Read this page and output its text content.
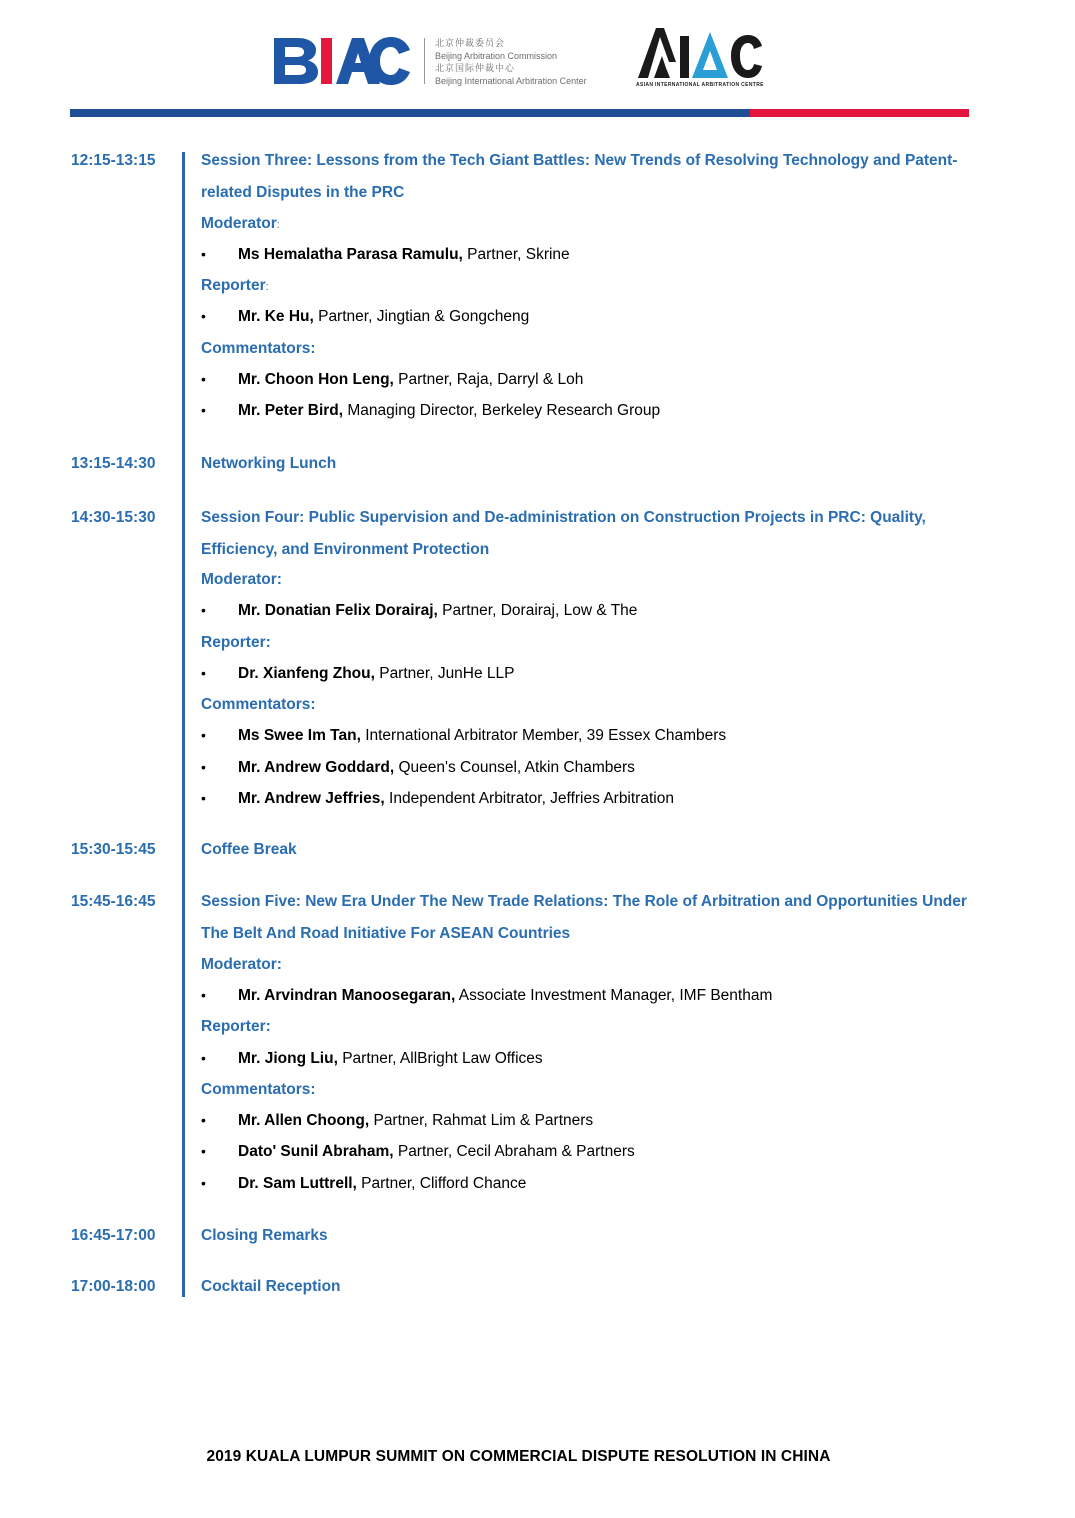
北京仲裁委员会
Beijing Arbitration Commission
北京国际仲裁中心
Beijing International Arbitration Center	ASIAN INTERNATIONAL ARBITRATION CENTRE
12:15-13:15	Session Three: Lessons from the Tech Giant Battles: New Trends of Resolving Technology and Patent-related Disputes in the PRC
Moderator:
• Ms Hemalatha Parasa Ramulu, Partner, Skrine
Reporter:
• Mr. Ke Hu, Partner, Jingtian & Gongcheng
Commentators:
• Mr. Choon Hon Leng, Partner, Raja, Darryl & Loh
• Mr. Peter Bird, Managing Director, Berkeley Research Group
13:15-14:30	Networking Lunch
14:30-15:30	Session Four: Public Supervision and De-administration on Construction Projects in PRC: Quality, Efficiency, and Environment Protection
Moderator:
• Mr. Donatian Felix Dorairaj, Partner, Dorairaj, Low & The
Reporter:
• Dr. Xianfeng Zhou, Partner, JunHe LLP
Commentators:
• Ms Swee Im Tan, International Arbitrator Member, 39 Essex Chambers
• Mr. Andrew Goddard, Queen's Counsel, Atkin Chambers
• Mr. Andrew Jeffries, Independent Arbitrator, Jeffries Arbitration
15:30-15:45	Coffee Break
15:45-16:45	Session Five: New Era Under The New Trade Relations: The Role of Arbitration and Opportunities Under The Belt And Road Initiative For ASEAN Countries
Moderator:
• Mr. Arvindran Manoosegaran, Associate Investment Manager, IMF Bentham
Reporter:
• Mr. Jiong Liu, Partner, AllBright Law Offices
Commentators:
• Mr. Allen Choong, Partner, Rahmat Lim & Partners
• Dato' Sunil Abraham, Partner, Cecil Abraham & Partners
• Dr. Sam Luttrell, Partner, Clifford Chance
16:45-17:00	Closing Remarks
17:00-18:00	Cocktail Reception
2019 KUALA LUMPUR SUMMIT ON COMMERCIAL DISPUTE RESOLUTION IN CHINA
